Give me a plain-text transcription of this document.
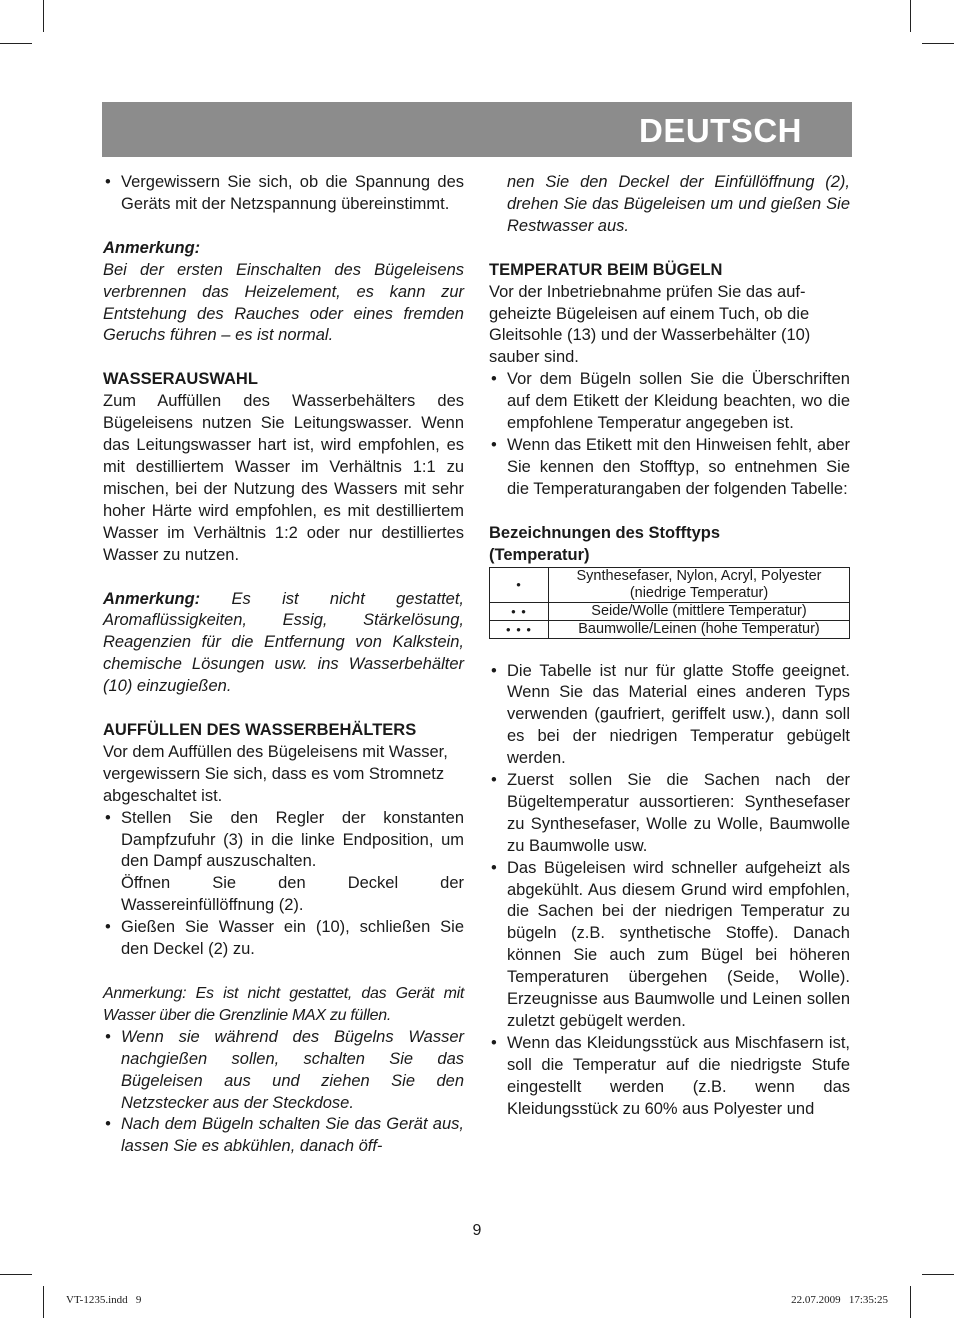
DEUTSCH
• Vergewissern Sie sich, ob die Spannung des Geräts mit der Netzspannung übereinstimmt.

Anmerkung:

Bei der ersten Einschalten des Bügeleisens verbrennen das Heizelement, es kann zur Entstehung des Rauches oder eines fremden Geruchs führen – es ist normal.

WASSERAUSWAHL

Zum Auffüllen des Wasserbehälters des Bügeleisens nutzen Sie Leitungswasser. Wenn das Leitungswasser hart ist, wird empfohlen, es mit destilliertem Wasser im Verhältnis 1:1 zu mischen, bei der Nutzung des Wassers mit sehr hoher Härte wird empfohlen, es mit destilliertem Wasser im Verhältnis 1:2 oder nur destilliertes Wasser zu nutzen.

Anmerkung: Es ist nicht gestattet, Aromaflüssigkeiten, Essig, Stärkelösung, Reagenzien für die Entfernung von Kalkstein, chemische Lösungen usw. ins Wasserbehälter (10) einzugießen.

AUFFÜLLEN DES WASSERBEHÄLTERS

Vor dem Auffüllen des Bügeleisens mit Wasser, vergewissern Sie sich, dass es vom Stromnetz abgeschaltet ist.

• Stellen Sie den Regler der konstanten Dampfzufuhr (3) in die linke Endposition, um den Dampf auszuschalten.

Öffnen Sie den Deckel der Wassereinfüllöffnung (2).

• Gießen Sie Wasser ein (10), schließen Sie den Deckel (2) zu.

Anmerkung: Es ist nicht gestattet, das Gerät mit Wasser über die Grenzlinie MAX zu füllen.

• Wenn sie während des Bügelns Wasser nachgießen sollen, schalten Sie das Bügeleisen aus und ziehen Sie den Netzstecker aus der Steckdose.
• Nach dem Bügeln schalten Sie das Gerät aus, lassen Sie es abkühlen, danach öff-

nen Sie den Deckel der Einfüllöffnung (2), drehen Sie das Bügeleisen um und gießen Sie Restwasser aus.

TEMPERATUR BEIM BÜGELN

Vor der Inbetriebnahme prüfen Sie das aufgeheizte Bügeleisen auf einem Tuch, ob die Gleitsohle (13) und der Wasserbehälter (10) sauber sind.

• Vor dem Bügeln sollen Sie die Überschriften auf dem Etikett der Kleidung beachten, wo die empfohlene Temperatur angegeben ist.
• Wenn das Etikett mit den Hinweisen fehlt, aber Sie kennen den Stofftyp, so entnehmen Sie die Temperaturangaben der folgenden Tabelle:

Bezeichnungen des Stofftyps (Temperatur)

•	Synthesefaser, Nylon, Acryl, Polyester (niedrige Temperatur)
• •	Seide/Wolle (mittlere Temperatur)
• • •	Baumwolle/Leinen (hohe Temperatur)
• Die Tabelle ist nur für glatte Stoffe geeignet. Wenn Sie das Material eines anderen Typs verwenden (gaufriert, geriffelt usw.), dann soll es bei der niedrigen Temperatur gebügelt werden.
• Zuerst sollen Sie die Sachen nach der Bügeltemperatur aussortieren: Synthesefaser zu Synthesefaser, Wolle zu Wolle, Baumwolle zu Baumwolle usw.
• Das Bügeleisen wird schneller aufgeheizt als abgekühlt. Aus diesem Grund wird empfohlen, die Sachen bei der niedrigen Temperatur zu bügeln (z.B. synthetische Stoffe). Danach können Sie auch zum Bügel bei höheren Temperaturen übergehen (Seide, Wolle). Erzeugnisse aus Baumwolle und Leinen sollen zuletzt gebügelt werden.
• Wenn das Kleidungsstück aus Mischfasern ist, soll die Temperatur auf die niedrigste Stufe eingestellt werden (z.B. wenn das Kleidungsstück zu 60% aus Polyester und
9
VT-1235.indd   9	22.07.2009   17:35:25
